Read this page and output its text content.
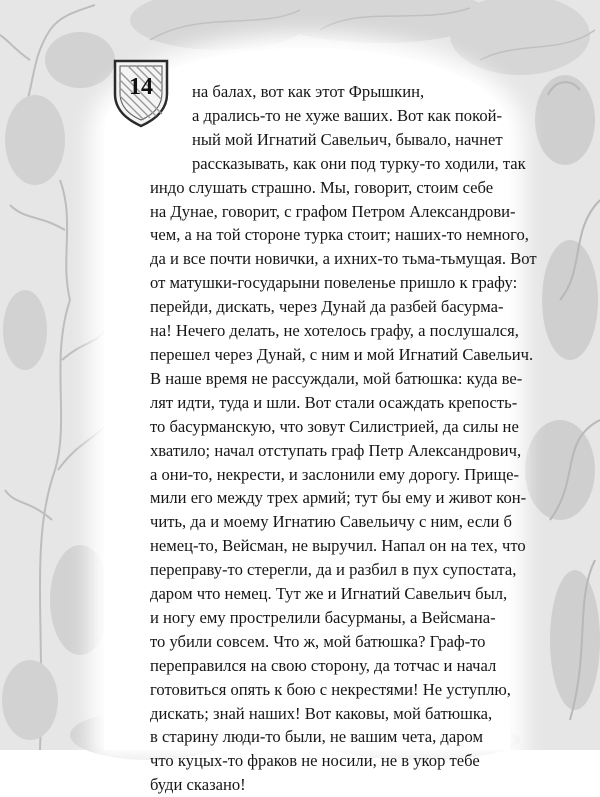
14	на балах, вот как этот Фрышкин,
а дрались-то не хуже ваших. Вот как покой-
ный мой Игнатий Савельич, бывало, начнет
рассказывать, как они под турку-то ходили, так
индо слушать страшно. Мы, говорит, стоим себе
на Дунае, говорит, с графом Петром Александрови-
чем, а на той стороне турка стоит; наших-то немного,
да и все почти новички, а ихних-то тьма-тьмущая. Вот
от матушки-государыни повеленье пришло к графу:
перейди, дискать, через Дунай да разбей басурма-
на! Нечего делать, не хотелось графу, а послушался,
перешел через Дунай, с ним и мой Игнатий Савельич.
В наше время не рассуждали, мой батюшка: куда ве-
лят идти, туда и шли. Вот стали осаждать крепость-
то басурманскую, что зовут Силистрией, да силы не
хватило; начал отступать граф Петр Александрович,
а они-то, некрести, и заслонили ему дорогу. Прище-
мили его между трех армий; тут бы ему и живот кон-
чить, да и моему Игнатию Савельичу с ним, если б
немец-то, Вейсман, не выручил. Напал он на тех, что
переправу-то стерегли, да и разбил в пух супостата,
даром что немец. Тут же и Игнатий Савельич был,
и ногу ему прострелили басурманы, а Вейсмана-
то убили совсем. Что ж, мой батюшка? Граф-то
переправился на свою сторону, да тотчас и начал
готовиться опять к бою с некрестями! Не уступлю,
дискать; знай наших! Вот каковы, мой батюшка,
в старину люди-то были, не вашим чета, даром
что куцых-то фраков не носили, не в укор тебе
буди сказано!
